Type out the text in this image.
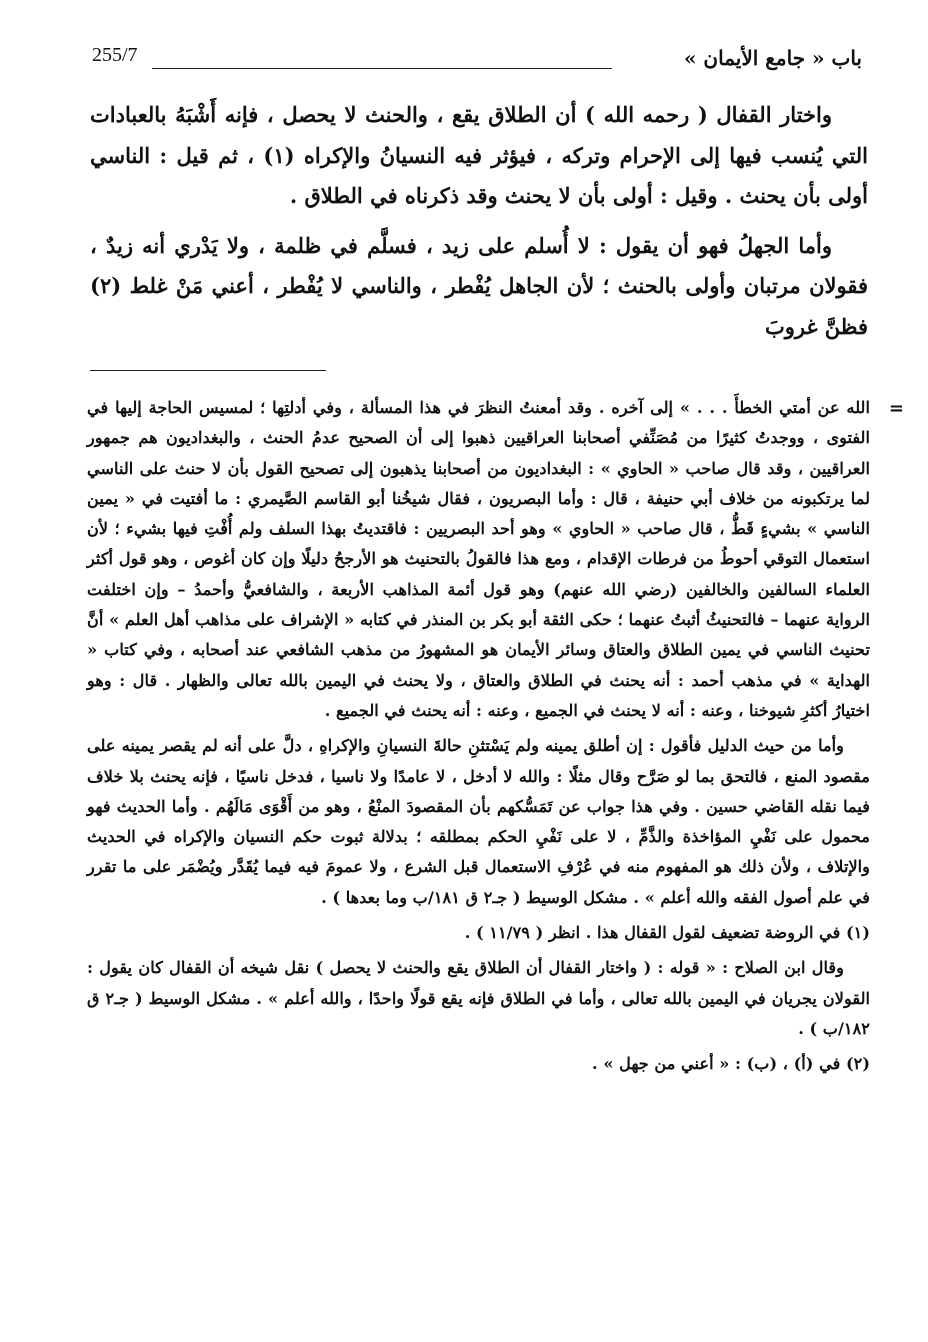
باب « جامع الأيمان »
255/7

واختار القفال ( رحمه الله ) أن الطلاق يقع ، والحنث لا يحصل ، فإنه أَشْبَهُ بالعبادات التي يُنسب فيها إلى الإحرام وتركه ، فيؤثر فيه النسيانُ والإكراه (١) ، ثم قيل : الناسي أولى بأن يحنث . وقيل : أولى بأن لا يحنث وقد ذكرناه في الطلاق .

وأما الجهلُ فهو أن يقول : لا أُسلم على زيد ، فسلَّم في ظلمة ، ولا يَدْري أنه زيدٌ ، فقولان مرتبان وأولى بالحنث ؛ لأن الجاهل يُفْطر ، والناسي لا يُفْطر ، أعني مَنْ غلط (٢) فظنَّ غروبَ

=

الله عن أمتي الخطأَ . . . » إلى آخره . وقد أمعنتُ النظرَ في هذا المسألة ، وفي أدلتِها ؛ لمسيس الحاجة إليها في الفتوى ، ووجدتُ كثيرًا من مُصَنِّفي أصحابنا العراقيين ذهبوا إلى أن الصحيح عدمُ الحنث ، والبغداديون هم جمهور العراقيين ، وقد قال صاحب « الحاوي » : البغداديون من أصحابنا يذهبون إلى تصحيح القول بأن لا حنث على الناسي لما يرتكبونه من خلاف أبي حنيفة ، قال : وأما البصريون ، فقال شيخُنا أبو القاسم الصَّيمري : ما أفتيت في « يمين الناسي » بشيءٍ قَطُّ ، قال صاحب « الحاوي » وهو أحد البصريين : فاقتديتُ بهذا السلف ولم أُفْتِ فيها بشيء ؛ لأن استعمال التوقي أحوطُ من فرطات الإقدام ، ومع هذا فالقولُ بالتحنيث هو الأرجحُ دليلًا وإن كان أغوص ، وهو قول أكثر العلماء السالفين والخالفين (رضي الله عنهم) وهو قول أئمة المذاهب الأربعة ، والشافعيُّ وأحمدُ – وإن اختلفت الرواية عنهما – فالتحنيثُ أثبتُ عنهما ؛ حكى الثقة أبو بكر بن المنذر في كتابه « الإشراف على مذاهب أهل العلم » أنَّ تحنيث الناسي في يمين الطلاق والعتاق وسائر الأيمان هو المشهورُ من مذهب الشافعي عند أصحابه ، وفي كتاب « الهداية » في مذهب أحمد : أنه يحنث في الطلاق والعتاق ، ولا يحنث في اليمين بالله تعالى والظهار . قال : وهو اختيارُ أكثرِ شيوخنا ، وعنه : أنه لا يحنث في الجميع ، وعنه : أنه يحنث في الجميع .

وأما من حيث الدليل فأقول : إن أطلق يمينه ولم يَسْتثنِ حالةَ النسيانِ والإكراهِ ، دلَّ على أنه لم يقصر يمينه على مقصود المنع ، فالتحق بما لو صَرَّح وقال مثلًا : والله لا أدخل ، لا عامدًا ولا ناسيا ، فدخل ناسيًا ، فإنه يحنث بلا خلاف فيما نقله القاضي حسين . وفي هذا جواب عن تَمَسُّكهم بأن المقصودَ المنْعُ ، وهو من أَقْوَى مَالَهُم . وأما الحديث فهو محمول على نَفْيِ المؤاخذة والذَّمِّ ، لا على نَفْيِ الحكم بمطلقه ؛ بدلالة ثبوت حكم النسيان والإكراه في الحديث والإتلاف ، ولأن ذلك هو المفهوم منه في عُرْفِ الاستعمال قبل الشرع ، ولا عمومَ فيه فيما يُقَدَّر ويُضْمَر على ما تقرر في علم أصول الفقه والله أعلم » . مشكل الوسيط ( جـ٢ ق ١٨١/ب وما بعدها ) .

(١) في الروضة تضعيف لقول القفال هذا . انظر ( ١١/٧٩ ) .

وقال ابن الصلاح : « قوله : ( واختار القفال أن الطلاق يقع والحنث لا يحصل ) نقل شيخه أن القفال كان يقول : القولان يجريان في اليمين بالله تعالى ، وأما في الطلاق فإنه يقع قولًا واحدًا ، والله أعلم » . مشكل الوسيط ( جـ٢ ق ١٨٢/ب ) .

(٢) في (أ) ، (ب) : « أعني من جهل » .
